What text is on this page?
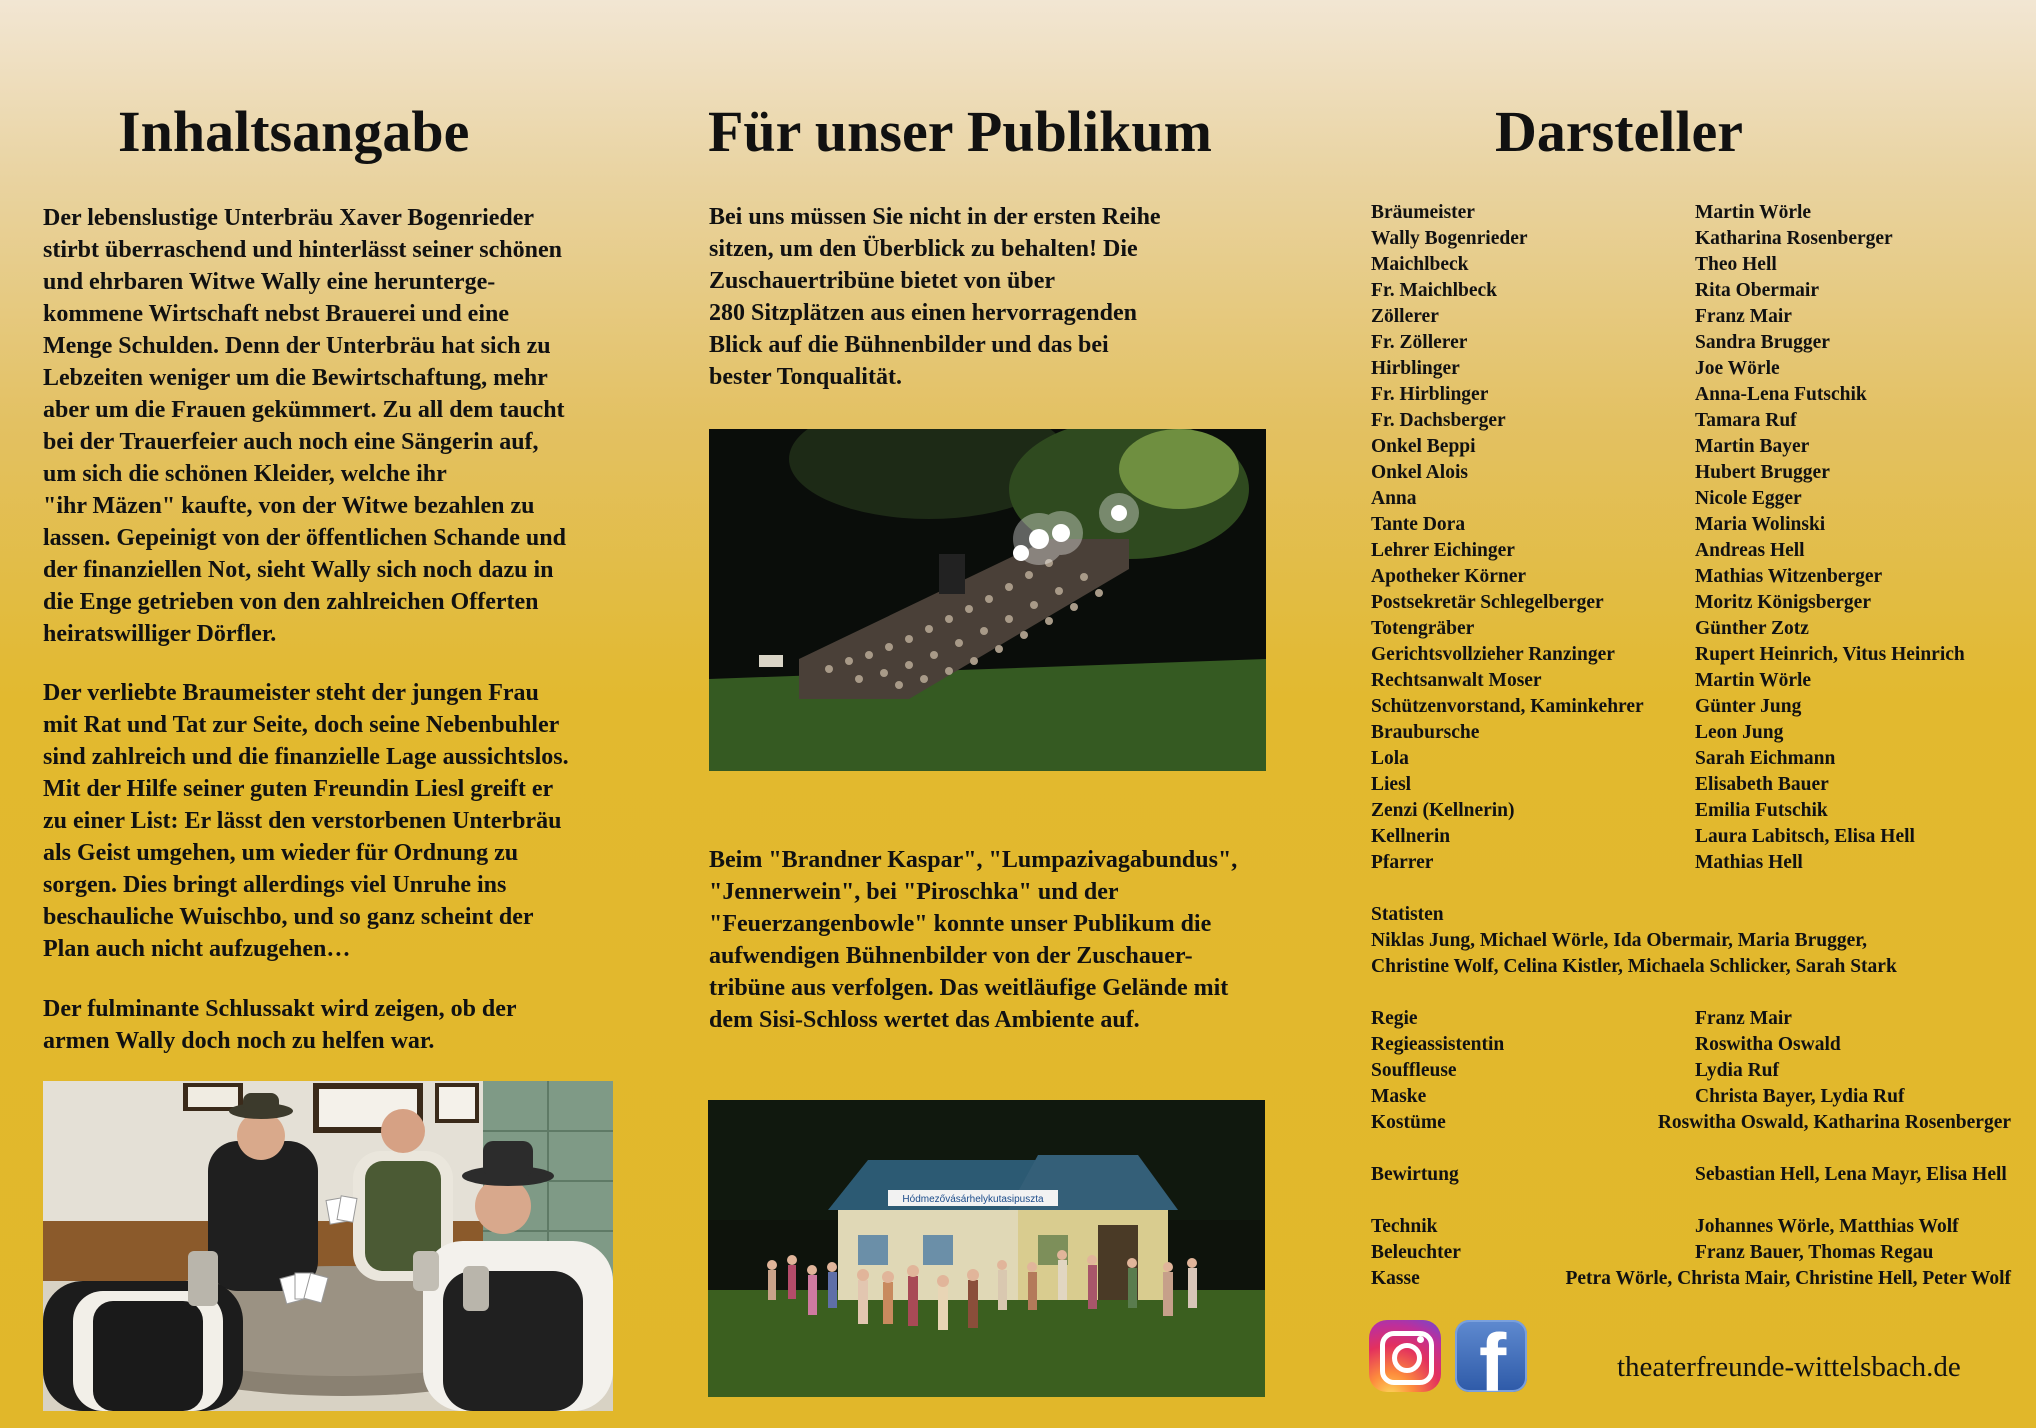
Inhaltsangabe

Der lebenslustige Unterbräu Xaver Bogenrieder
stirbt überraschend und hinterlässt seiner schönen
und ehrbaren Witwe Wally eine herunterge-
kommene Wirtschaft nebst Brauerei und eine
Menge Schulden. Denn der Unterbräu hat sich zu
Lebzeiten weniger um die Bewirtschaftung, mehr
aber um die Frauen gekümmert. Zu all dem taucht
bei der Trauerfeier auch noch eine Sängerin auf,
um sich die schönen Kleider, welche ihr
"ihr Mäzen" kaufte, von der Witwe bezahlen zu
lassen. Gepeinigt von der öffentlichen Schande und
der finanziellen Not, sieht Wally sich noch dazu in
die Enge getrieben von den zahlreichen Offerten
heiratswilliger Dörfler.

Der verliebte Braumeister steht der jungen Frau
mit Rat und Tat zur Seite, doch seine Nebenbuhler
sind zahlreich und die finanzielle Lage aussichtslos.
Mit der Hilfe seiner guten Freundin Liesl greift er
zu einer List: Er lässt den verstorbenen Unterbräu
als Geist umgehen, um wieder für Ordnung zu
sorgen. Dies bringt allerdings viel Unruhe ins
beschauliche Wuischbo, und so ganz scheint der
Plan auch nicht aufzugehen…

Der fulminante Schlussakt wird zeigen, ob der
armen Wally doch noch zu helfen war.

Für unser Publikum

Bei uns müssen Sie nicht in der ersten Reihe
sitzen, um den Überblick zu behalten! Die
Zuschauertribüne bietet von über
280 Sitzplätzen aus einen hervorragenden
Blick auf die Bühnenbilder und das bei
bester Tonqualität.

Beim "Brandner Kaspar", "Lumpazivagabundus",
"Jennerwein", bei "Piroschka" und der
"Feuerzangenbowle" konnte unser Publikum die
aufwendigen Bühnenbilder von der Zuschauer-
tribüne aus verfolgen. Das weitläufige Gelände mit
dem Sisi-Schloss wertet das Ambiente auf.

Hódmezővásárhelykutasipuszta
Darsteller
Bräumeister	Martin Wörle
Wally Bogenrieder	Katharina Rosenberger
Maichlbeck	Theo Hell
Fr. Maichlbeck	Rita Obermair
Zöllerer	Franz Mair
Fr. Zöllerer	Sandra Brugger
Hirblinger	Joe Wörle
Fr. Hirblinger	Anna-Lena Futschik
Fr. Dachsberger	Tamara Ruf
Onkel Beppi	Martin Bayer
Onkel Alois	Hubert Brugger
Anna	Nicole Egger
Tante Dora	Maria Wolinski
Lehrer Eichinger	Andreas Hell
Apotheker Körner	Mathias Witzenberger
Postsekretär Schlegelberger	Moritz Königsberger
Totengräber	Günther Zotz
Gerichtsvollzieher Ranzinger	Rupert Heinrich, Vitus Heinrich
Rechtsanwalt Moser	Martin Wörle
Schützenvorstand, Kaminkehrer	Günter Jung
Braubursche	Leon Jung
Lola	Sarah Eichmann
Liesl	Elisabeth Bauer
Zenzi (Kellnerin)	Emilia Futschik
Kellnerin	Laura Labitsch, Elisa Hell
Pfarrer	Mathias Hell
Statisten
Niklas Jung, Michael Wörle, Ida Obermair, Maria Brugger,
Christine Wolf, Celina Kistler, Michaela Schlicker, Sarah Stark
Regie	Franz Mair
Regieassistentin	Roswitha Oswald
Souffleuse	Lydia Ruf
Maske	Christa Bayer, Lydia Ruf
Kostüme	Roswitha Oswald, Katharina Rosenberger
Bewirtung	Sebastian Hell, Lena Mayr, Elisa Hell
Technik	Johannes Wörle, Matthias Wolf
Beleuchter	Franz Bauer, Thomas Regau
Kasse	Petra Wörle, Christa Mair, Christine Hell, Peter Wolf
f	theaterfreunde-wittelsbach.de
